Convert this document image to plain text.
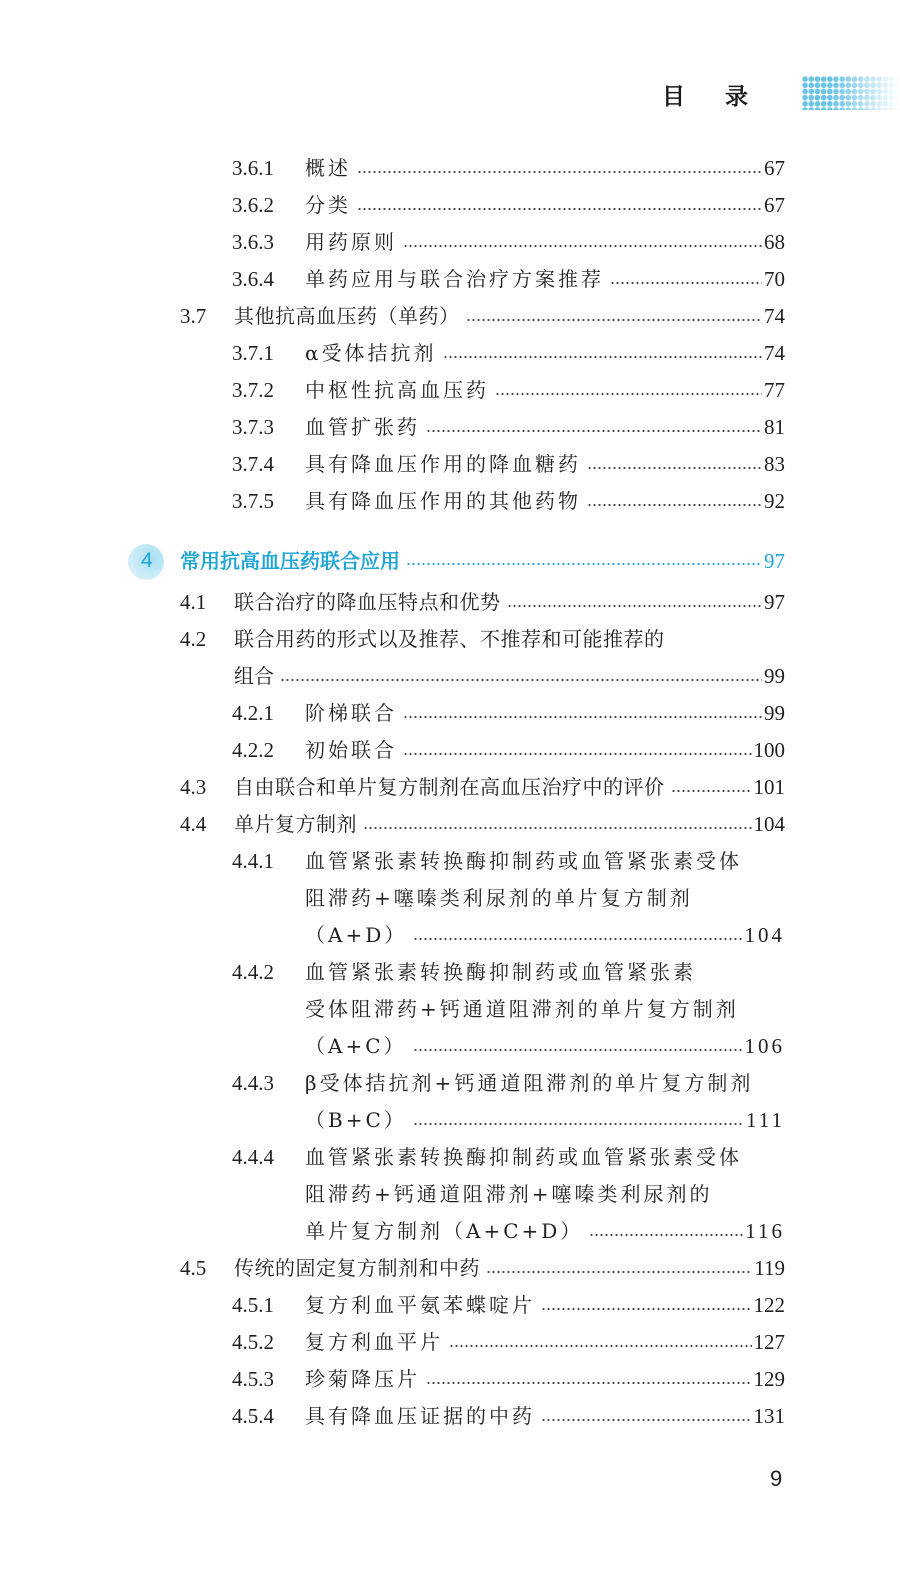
目录
3.6.1 概述	67
3.6.2 分类	67
3.6.3 用药原则	68
3.6.4 单药应用与联合治疗方案推荐	70
3.7 其他抗高血压药（单药）	74
3.7.1 α受体拮抗剂	74
3.7.2 中枢性抗高血压药	77
3.7.3 血管扩张药	81
3.7.4 具有降血压作用的降血糖药	83
3.7.5 具有降血压作用的其他药物	92
4 常用抗高血压药联合应用	97
4.1 联合治疗的降血压特点和优势	97
4.2 联合用药的形式以及推荐、不推荐和可能推荐的
组合	99
4.2.1 阶梯联合	99
4.2.2 初始联合	100
4.3 自由联合和单片复方制剂在高血压治疗中的评价	101
4.4 单片复方制剂	104
4.4.1 血管紧张素转换酶抑制药或血管紧张素受体
阻滞药+噻嗪类利尿剂的单片复方制剂
（A+D）	104
4.4.2 血管紧张素转换酶抑制药或血管紧张素
受体阻滞药+钙通道阻滞剂的单片复方制剂
（A+C）	106
4.4.3 β受体拮抗剂+钙通道阻滞剂的单片复方制剂
（B+C）	111
4.4.4 血管紧张素转换酶抑制药或血管紧张素受体
阻滞药+钙通道阻滞剂+噻嗪类利尿剂的
单片复方制剂（A+C+D）	116
4.5 传统的固定复方制剂和中药	119
4.5.1 复方利血平氨苯蝶啶片	122
4.5.2 复方利血平片	127
4.5.3 珍菊降压片	129
4.5.4 具有降血压证据的中药	131
9
